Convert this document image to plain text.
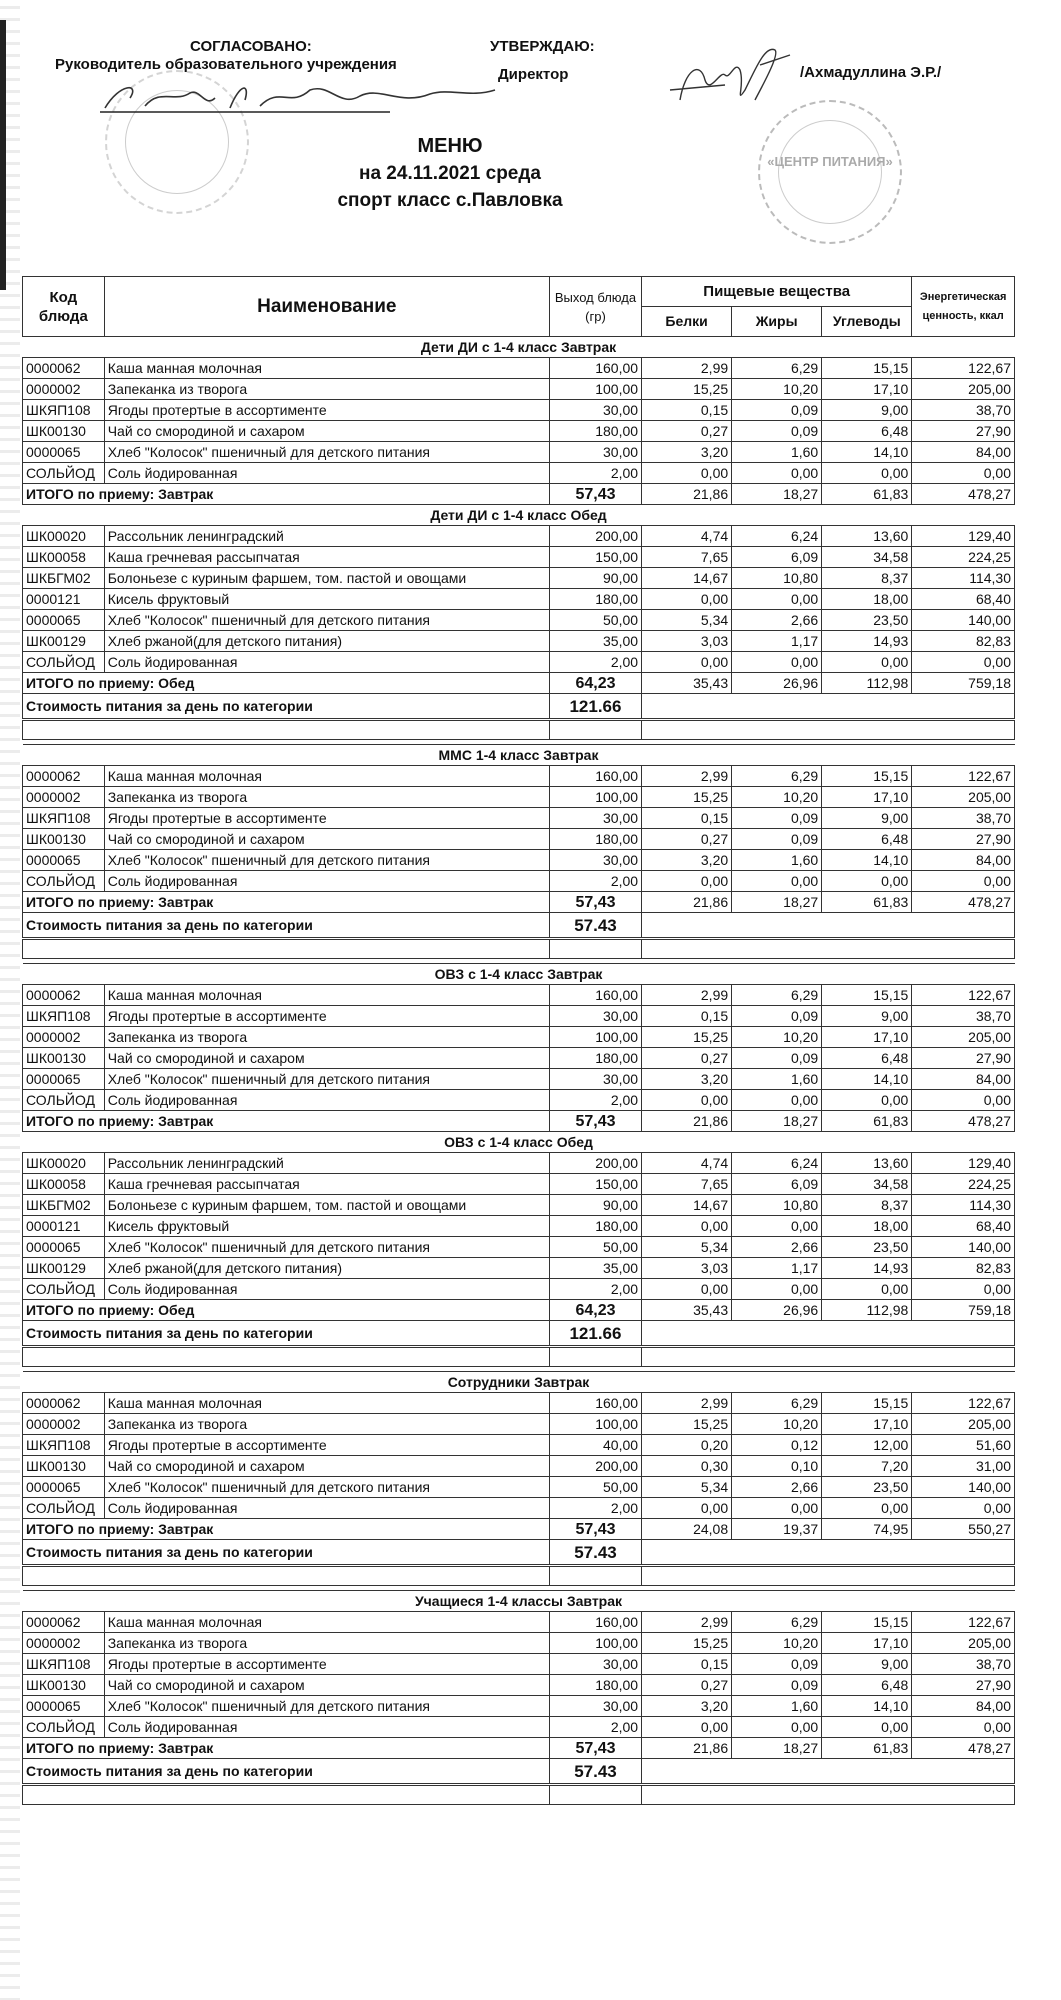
СОГЛАСОВАНО:
Руководитель образовательного учреждения
УТВЕРЖДАЮ:
Директор	/Ахмадуллина Э.Р./
«ЦЕНТР ПИТАНИЯ»
МЕНЮ
на 24.11.2021 среда
спорт класс с.Павловка
Код блюда	Наименование	Выход блюда (гр)	Пищевые вещества			Энергетическая ценность, ккал
			Белки	Жиры	Углеводы	
Дети ДИ с 1-4 класс Завтрак						
0000062	Каша манная молочная	160,00	2,99	6,29	15,15	122,67
0000002	Запеканка из творога	100,00	15,25	10,20	17,10	205,00
ШКЯП108	Ягоды протертые в ассортименте	30,00	0,15	0,09	9,00	38,70
ШК00130	Чай со смородиной и сахаром	180,00	0,27	0,09	6,48	27,90
0000065	Хлеб "Колосок" пшеничный для детского питания	30,00	3,20	1,60	14,10	84,00
СОЛЬЙОД	Соль йодированная	2,00	0,00	0,00	0,00	0,00
ИТОГО по приему: Завтрак		57,43	21,86	18,27	61,83	478,27
Дети ДИ с 1-4 класс Обед						
ШК00020	Рассольник ленинградский	200,00	4,74	6,24	13,60	129,40
ШК00058	Каша гречневая рассыпчатая	150,00	7,65	6,09	34,58	224,25
ШКБГМ02	Болоньезе с куриным фаршем, том. пастой и овощами	90,00	14,67	10,80	8,37	114,30
0000121	Кисель фруктовый	180,00	0,00	0,00	18,00	68,40
0000065	Хлеб "Колосок" пшеничный для детского питания	50,00	5,34	2,66	23,50	140,00
ШК00129	Хлеб ржаной(для детского питания)	35,00	3,03	1,17	14,93	82,83
СОЛЬЙОД	Соль йодированная	2,00	0,00	0,00	0,00	0,00
ИТОГО по приему: Обед		64,23	35,43	26,96	112,98	759,18
Стоимость питания за день по категории		121.66				

ММС 1-4 класс Завтрак						
0000062	Каша манная молочная	160,00	2,99	6,29	15,15	122,67
0000002	Запеканка из творога	100,00	15,25	10,20	17,10	205,00
ШКЯП108	Ягоды протертые в ассортименте	30,00	0,15	0,09	9,00	38,70
ШК00130	Чай со смородиной и сахаром	180,00	0,27	0,09	6,48	27,90
0000065	Хлеб "Колосок" пшеничный для детского питания	30,00	3,20	1,60	14,10	84,00
СОЛЬЙОД	Соль йодированная	2,00	0,00	0,00	0,00	0,00
ИТОГО по приему: Завтрак		57,43	21,86	18,27	61,83	478,27
Стоимость питания за день по категории		57.43				

ОВЗ с 1-4 класс Завтрак						
0000062	Каша манная молочная	160,00	2,99	6,29	15,15	122,67
ШКЯП108	Ягоды протертые в ассортименте	30,00	0,15	0,09	9,00	38,70
0000002	Запеканка из творога	100,00	15,25	10,20	17,10	205,00
ШК00130	Чай со смородиной и сахаром	180,00	0,27	0,09	6,48	27,90
0000065	Хлеб "Колосок" пшеничный для детского питания	30,00	3,20	1,60	14,10	84,00
СОЛЬЙОД	Соль йодированная	2,00	0,00	0,00	0,00	0,00
ИТОГО по приему: Завтрак		57,43	21,86	18,27	61,83	478,27
ОВЗ с 1-4 класс Обед						
ШК00020	Рассольник ленинградский	200,00	4,74	6,24	13,60	129,40
ШК00058	Каша гречневая рассыпчатая	150,00	7,65	6,09	34,58	224,25
ШКБГМ02	Болоньезе с куриным фаршем, том. пастой и овощами	90,00	14,67	10,80	8,37	114,30
0000121	Кисель фруктовый	180,00	0,00	0,00	18,00	68,40
0000065	Хлеб "Колосок" пшеничный для детского питания	50,00	5,34	2,66	23,50	140,00
ШК00129	Хлеб ржаной(для детского питания)	35,00	3,03	1,17	14,93	82,83
СОЛЬЙОД	Соль йодированная	2,00	0,00	0,00	0,00	0,00
ИТОГО по приему: Обед		64,23	35,43	26,96	112,98	759,18
Стоимость питания за день по категории		121.66				

Сотрудники Завтрак						
0000062	Каша манная молочная	160,00	2,99	6,29	15,15	122,67
0000002	Запеканка из творога	100,00	15,25	10,20	17,10	205,00
ШКЯП108	Ягоды протертые в ассортименте	40,00	0,20	0,12	12,00	51,60
ШК00130	Чай со смородиной и сахаром	200,00	0,30	0,10	7,20	31,00
0000065	Хлеб "Колосок" пшеничный для детского питания	50,00	5,34	2,66	23,50	140,00
СОЛЬЙОД	Соль йодированная	2,00	0,00	0,00	0,00	0,00
ИТОГО по приему: Завтрак		57,43	24,08	19,37	74,95	550,27
Стоимость питания за день по категории		57.43				

Учащиеся 1-4 классы Завтрак						
0000062	Каша манная молочная	160,00	2,99	6,29	15,15	122,67
0000002	Запеканка из творога	100,00	15,25	10,20	17,10	205,00
ШКЯП108	Ягоды протертые в ассортименте	30,00	0,15	0,09	9,00	38,70
ШК00130	Чай со смородиной и сахаром	180,00	0,27	0,09	6,48	27,90
0000065	Хлеб "Колосок" пшеничный для детского питания	30,00	3,20	1,60	14,10	84,00
СОЛЬЙОД	Соль йодированная	2,00	0,00	0,00	0,00	0,00
ИТОГО по приему: Завтрак		57,43	21,86	18,27	61,83	478,27
Стоимость питания за день по категории		57.43				
